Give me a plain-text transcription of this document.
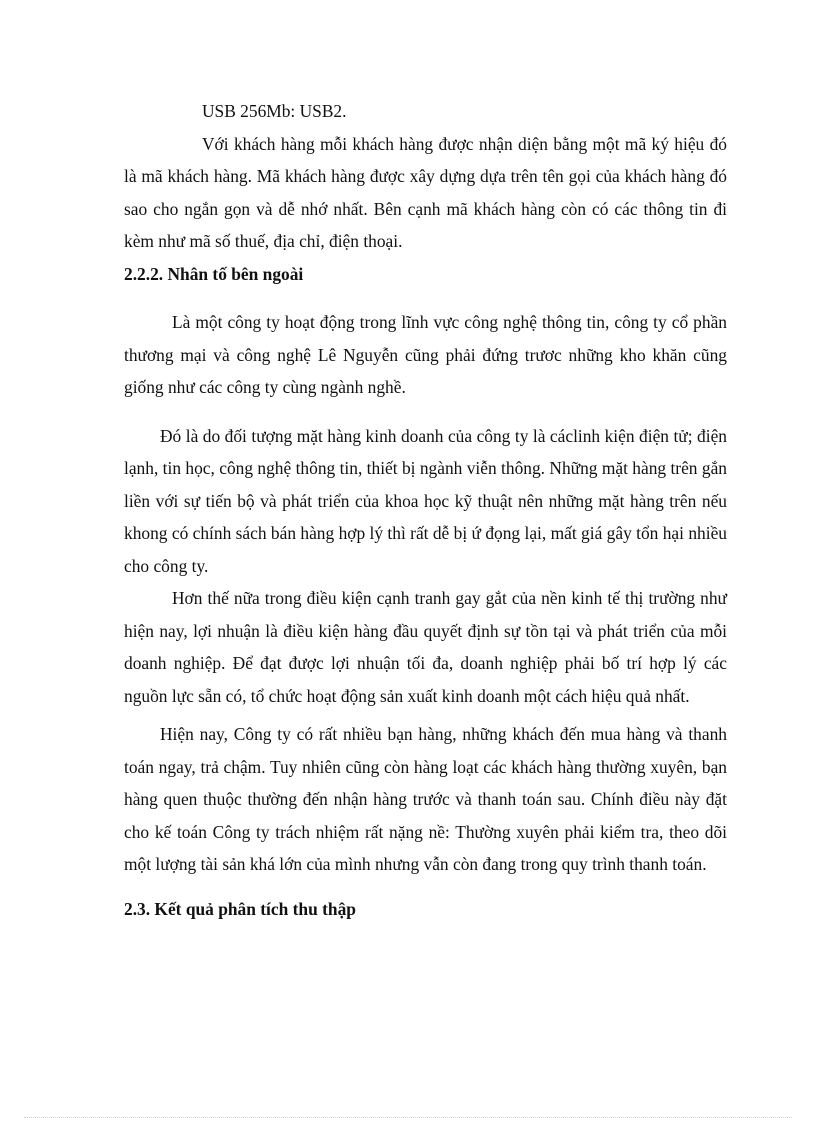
USB 256Mb: USB2.

Với khách hàng mỗi khách hàng được nhận diện bằng một mã ký hiệu đó là mã khách hàng. Mã khách hàng được xây dựng dựa trên tên gọi của khách hàng đó sao cho ngắn gọn và dễ nhớ nhất. Bên cạnh mã khách hàng còn có các thông tin đi kèm như mã số thuế, địa chỉ, điện thoại.

2.2.2. Nhân tố bên ngoài

Là một công ty hoạt động trong lĩnh vực công nghệ thông tin, công ty cổ phần thương mại và công nghệ Lê Nguyễn cũng phải đứng trươc những kho khăn cũng giống như các công ty cùng ngành nghề.

Đó là do đối tượng mặt hàng kinh doanh của công ty là cáclinh kiện điện tử; điện lạnh, tin học, công nghệ thông tin, thiết bị ngành viễn thông. Những mặt hàng trên gắn liền với sự tiến bộ và phát triển của khoa học kỹ thuật nên những mặt hàng trên nếu khong có chính sách bán hàng hợp lý thì rất dễ bị ứ đọng lại, mất giá gây tổn hại nhiều cho công ty.

Hơn thế nữa trong điều kiện cạnh tranh gay gắt của nền kinh tế thị trường như hiện nay, lợi nhuận là điều kiện hàng đầu quyết định sự tồn tại và phát triển của mỗi doanh nghiệp. Để đạt được lợi nhuận tối đa, doanh nghiệp phải bố trí hợp lý các nguồn lực sẵn có, tổ chức hoạt động sản xuất kinh doanh một cách hiệu quả nhất.

Hiện nay, Công ty có rất nhiều bạn hàng, những khách đến mua hàng và thanh toán ngay, trả chậm. Tuy nhiên cũng còn hàng loạt các khách hàng thường xuyên, bạn hàng quen thuộc thường đến nhận hàng trước và thanh toán sau. Chính điều này đặt cho kế toán Công ty trách nhiệm rất nặng nề: Thường xuyên phải kiểm tra, theo dõi một lượng tài sản khá lớn của mình nhưng vẫn còn đang trong quy trình thanh toán.

2.3. Kết quả phân tích thu thập
